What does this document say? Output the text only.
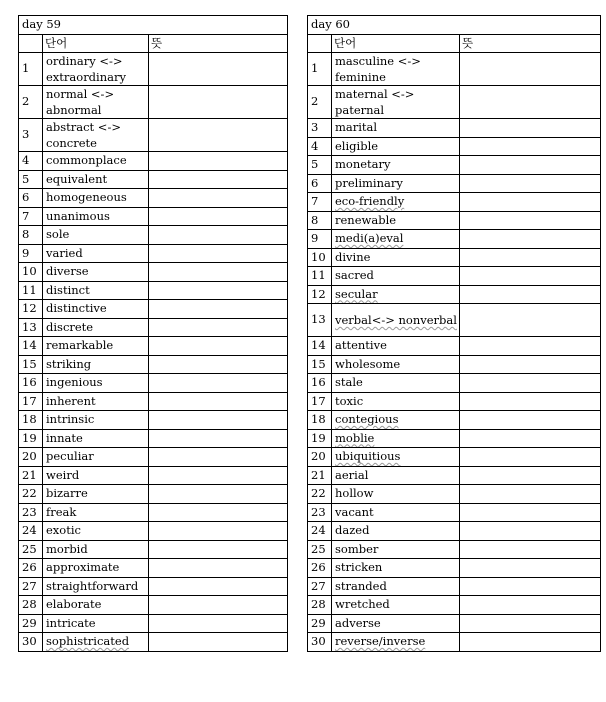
day 59		
	단어	뜻
1	ordinary <-> extraordinary	
2	normal <-> abnormal	
3	abstract <-> concrete	
4	commonplace	
5	equivalent	
6	homogeneous	
7	unanimous	
8	sole	
9	varied	
10	diverse	
11	distinct	
12	distinctive	
13	discrete	
14	remarkable	
15	striking	
16	ingenious	
17	inherent	
18	intrinsic	
19	innate	
20	peculiar	
21	weird	
22	bizarre	
23	freak	
24	exotic	
25	morbid	
26	approximate	
27	straightforward	
28	elaborate	
29	intricate	
30	sophistricated	
day 60		
	단어	뜻
1	masculine <-> feminine	
2	maternal <-> paternal	
3	marital	
4	eligible	
5	monetary	
6	preliminary	
7	eco-friendly	
8	renewable	
9	medi(a)eval	
10	divine	
11	sacred	
12	secular	
13	verbal<-> nonverbal	
14	attentive	
15	wholesome	
16	stale	
17	toxic	
18	contegious	
19	moblie	
20	ubiquitious	
21	aerial	
22	hollow	
23	vacant	
24	dazed	
25	somber	
26	stricken	
27	stranded	
28	wretched	
29	adverse	
30	reverse/inverse	
